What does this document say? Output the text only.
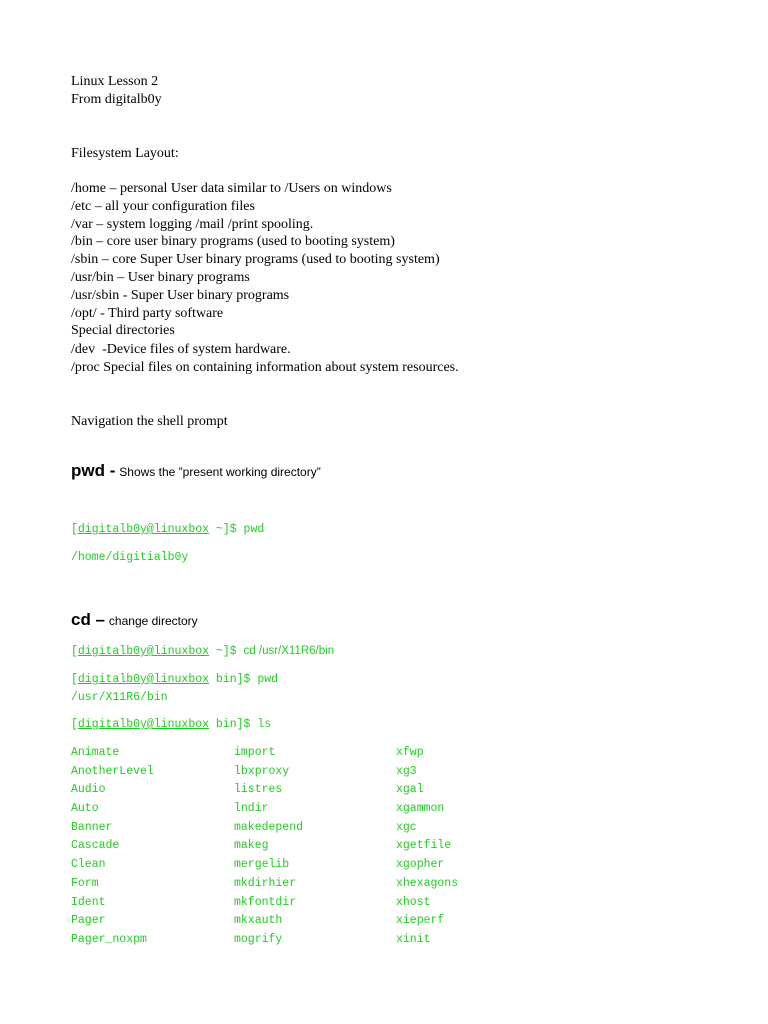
Linux Lesson 2

From digitalb0y

Filesystem Layout:

/home – personal User data similar to /Users on windows

/etc – all your configuration files

/var – system logging /mail /print spooling.

/bin – core user binary programs (used to booting system)

/sbin – core Super User binary programs (used to booting system)

/usr/bin – User binary programs

/usr/sbin - Super User binary programs

/opt/ - Third party software

Special directories

/dev  -Device files of system hardware.

/proc Special files on containing information about system resources.

Navigation the shell prompt

pwd - Shows the ”present working directory”

[digitalb0y@linuxbox ~]$ pwd

/home/digitialb0y

cd – change directory

[digitalb0y@linuxbox ~]$ cd /usr/X11R6/bin

[digitalb0y@linuxbox bin]$ pwd

/usr/X11R6/bin

[digitalb0y@linuxbox bin]$ ls

Animate
AnotherLevel
Audio
Auto
Banner
Cascade
Clean
Form
Ident
Pager
Pager_noxpm
import
lbxproxy
listres
lndir
makedepend
makeg
mergelib
mkdirhier
mkfontdir
mkxauth
mogrify
xfwp
xg3
xgal
xgammon
xgc
xgetfile
xgopher
xhexagons
xhost
xieperf
xinit
